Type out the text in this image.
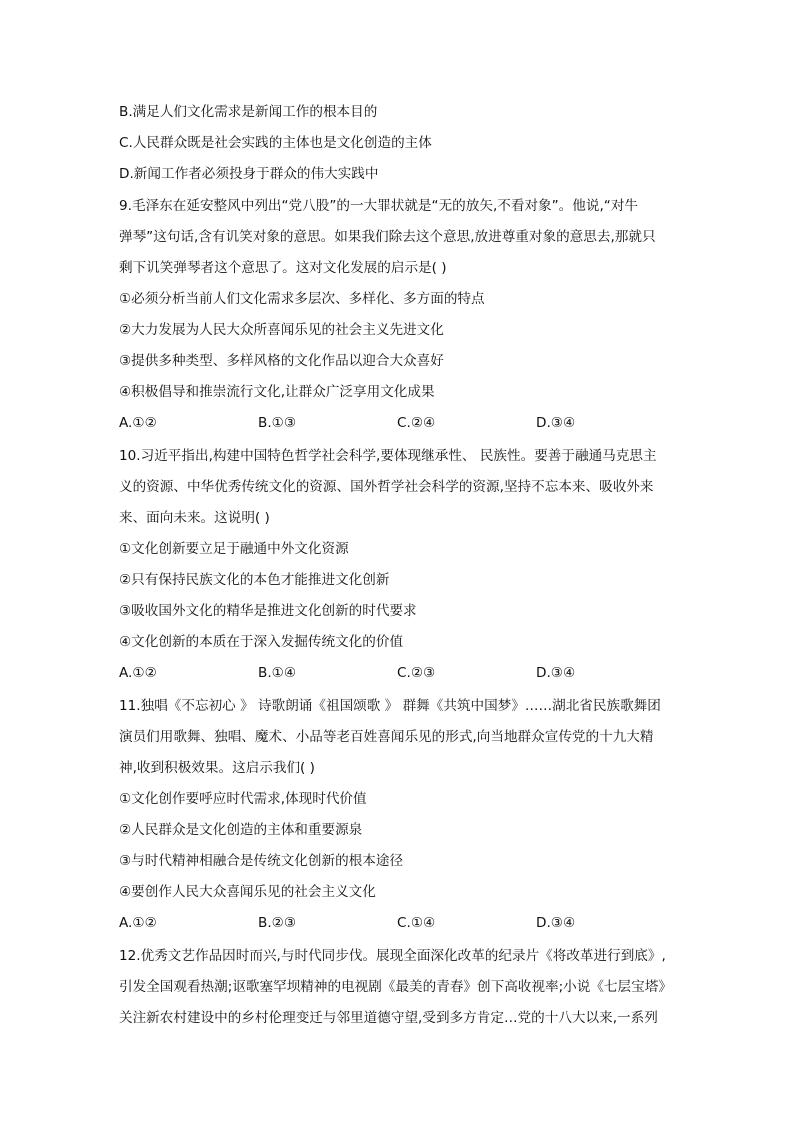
B.满足人们文化需求是新闻工作的根本目的
C.人民群众既是社会实践的主体也是文化创造的主体
D.新闻工作者必须投身于群众的伟大实践中
9.毛泽东在延安整风中列出“党八股”的一大罪状就是“无的放矢,不看对象”。他说,“对牛
弹琴”这句话,含有讥笑对象的意思。如果我们除去这个意思,放进尊重对象的意思去,那就只
剩下讥笑弹琴者这个意思了。这对文化发展的启示是( )
①必须分析当前人们文化需求多层次、多样化、多方面的特点
②大力发展为人民大众所喜闻乐见的社会主义先进文化
③提供多种类型、多样风格的文化作品以迎合大众喜好
④积极倡导和推崇流行文化,让群众广泛享用文化成果
A.①②	B.①③	C.②④	D.③④
10.习近平指出,构建中国特色哲学社会科学,要体现继承性、 民族性。要善于融通马克思主
义的资源、中华优秀传统文化的资源、国外哲学社会科学的资源,坚持不忘本来、吸收外来
来、面向未来。这说明( )
①文化创新要立足于融通中外文化资源
②只有保持民族文化的本色才能推进文化创新
③吸收国外文化的精华是推进文化创新的时代要求
④文化创新的本质在于深入发掘传统文化的价值
A.①②	B.①④	C.②③	D.③④
11.独唱《不忘初心 》 诗歌朗诵《祖国颂歌 》 群舞《共筑中国梦》……湖北省民族歌舞团
演员们用歌舞、独唱、魔术、小品等老百姓喜闻乐见的形式,向当地群众宣传党的十九大精
神,收到积极效果。这启示我们( )
①文化创作要呼应时代需求,体现时代价值
②人民群众是文化创造的主体和重要源泉
③与时代精神相融合是传统文化创新的根本途径
④要创作人民大众喜闻乐见的社会主义文化
A.①②	B.②③	C.①④	D.③④
12.优秀文艺作品因时而兴,与时代同步伐。展现全面深化改革的纪录片《将改革进行到底》,
引发全国观看热潮;讴歌塞罕坝精神的电视剧《最美的青春》创下高收视率;小说《七层宝塔》
关注新农村建设中的乡村伦理变迁与邻里道德守望,受到多方肯定…党的十八大以来,一系列
